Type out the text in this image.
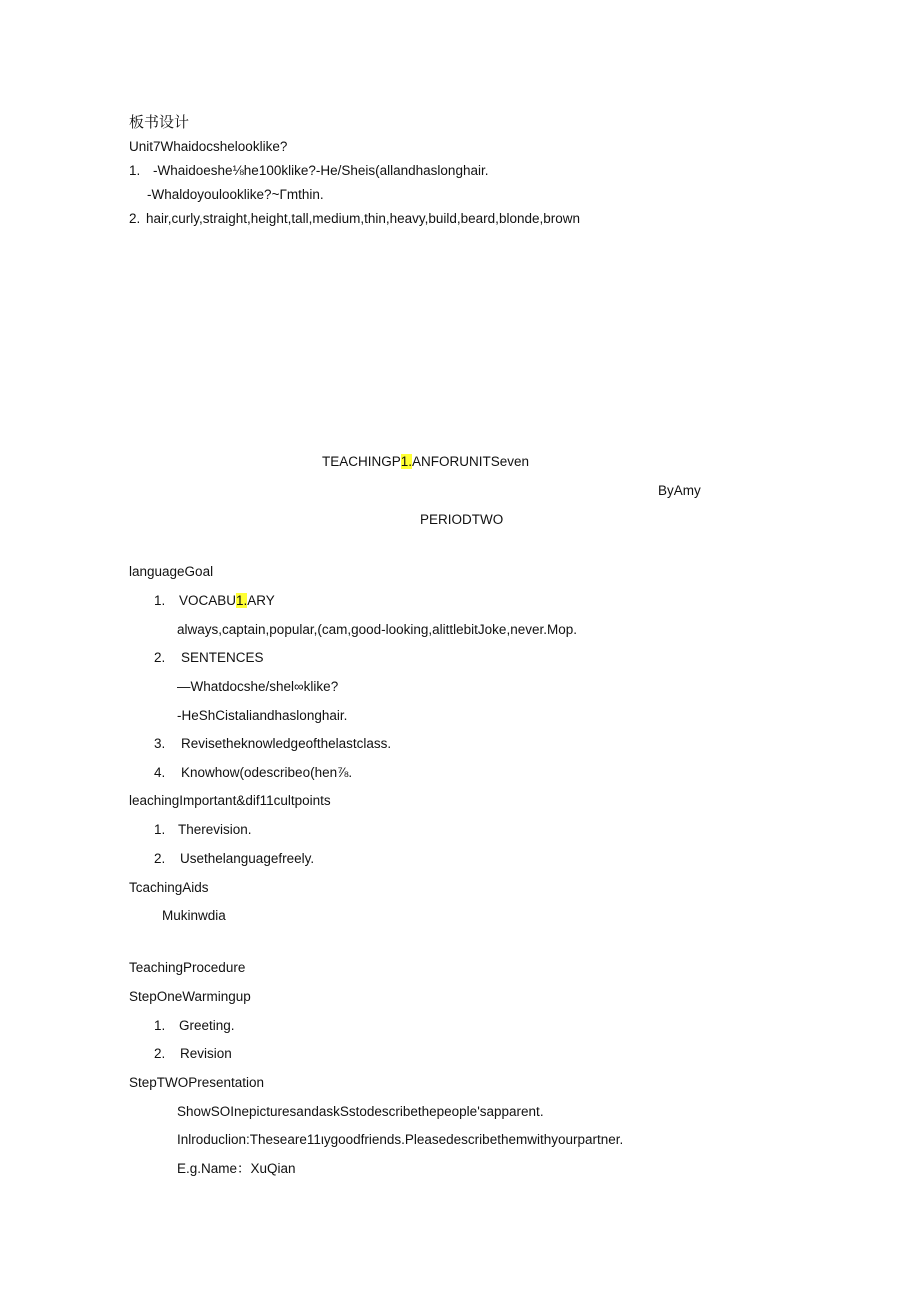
板书设计
Unit7Whaidocshelooklike?
1. -Whaidoeshe⅛he100klike?-He/Sheis(allandhaslonghair.
-Whaldoyoulooklike?~Γmthin.
2. hair,curly,straight,height,tall,medium,thin,heavy,build,beard,blonde,brown
TEACHINGP1.ANFORUNITSeven
ByAmy
PERIODTWO
languageGoal
1. VOCABU1.ARY
always,captain,popular,(cam,good-looking,alittlebitJoke,never.Mop.
2. SENTENCES
—Whatdocshe/shel∞klike?
-HeShCistaliandhaslonghair.
3. Revisetheknowledgeofthelastclass.
4. Knowhow(odescribeo(hen⅞.
leachingImportant&dif11cultpoints
1. Therevision.
2. Usethelanguagefreely.
TcachingAids
Mukinwdia
TeachingProcedure
StepOneWarmingup
1. Greeting.
2. Revision
StepTWOPresentation
ShowSOInepicturesandaskSstodescribethepeople'sapparent.
Inlroduclion:Theseare11ιygoodfriends.Pleasedescribethemwithyourpartner.
E.g.Name：XuQian
